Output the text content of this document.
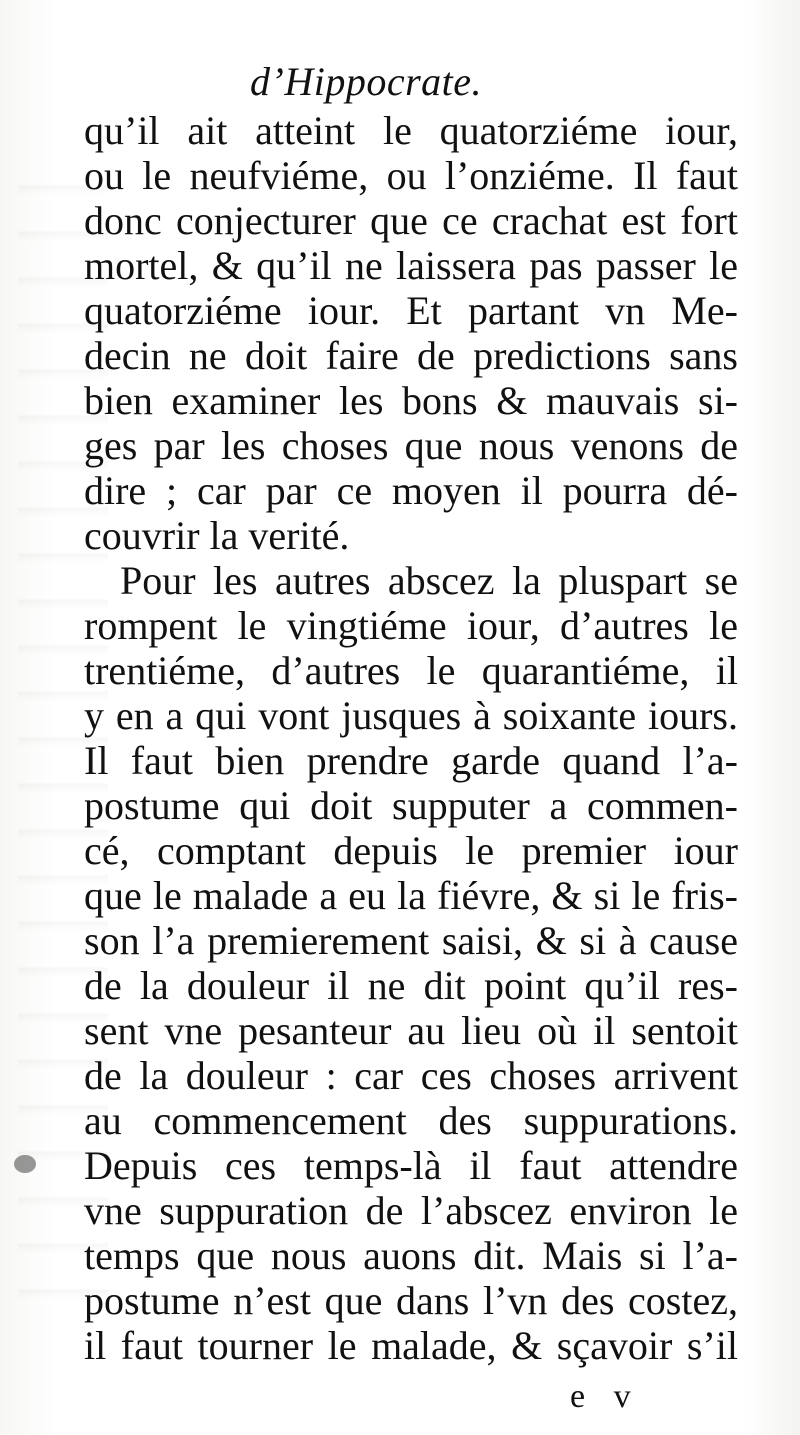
d’Hippocrate.
qu’il ait atteint le quatorziéme iour,
ou le neufviéme, ou l’onziéme. Il faut
donc conjecturer que ce crachat est fort
mortel, & qu’il ne laissera pas passer le
quatorziéme iour. Et partant vn Me-
decin ne doit faire de predictions sans
bien examiner les bons & mauvais si-
ges par les choses que nous venons de
dire ; car par ce moyen il pourra dé-
couvrir la verité.
Pour les autres abscez la pluspart se
rompent le vingtiéme iour, d’autres le
trentiéme, d’autres le quarantiéme, il
y en a qui vont jusques à soixante iours.
Il faut bien prendre garde quand l’a-
postume qui doit supputer a commen-
cé, comptant depuis le premier iour
que le malade a eu la fiévre, & si le fris-
son l’a premierement saisi, & si à cause
de la douleur il ne dit point qu’il res-
sent vne pesanteur au lieu où il sentoit
de la douleur : car ces choses arrivent
au commencement des suppurations.
Depuis ces temps-là il faut attendre
vne suppuration de l’abscez environ le
temps que nous auons dit. Mais si l’a-
postume n’est que dans l’vn des costez,
il faut tourner le malade, & sçavoir s’il
e v
